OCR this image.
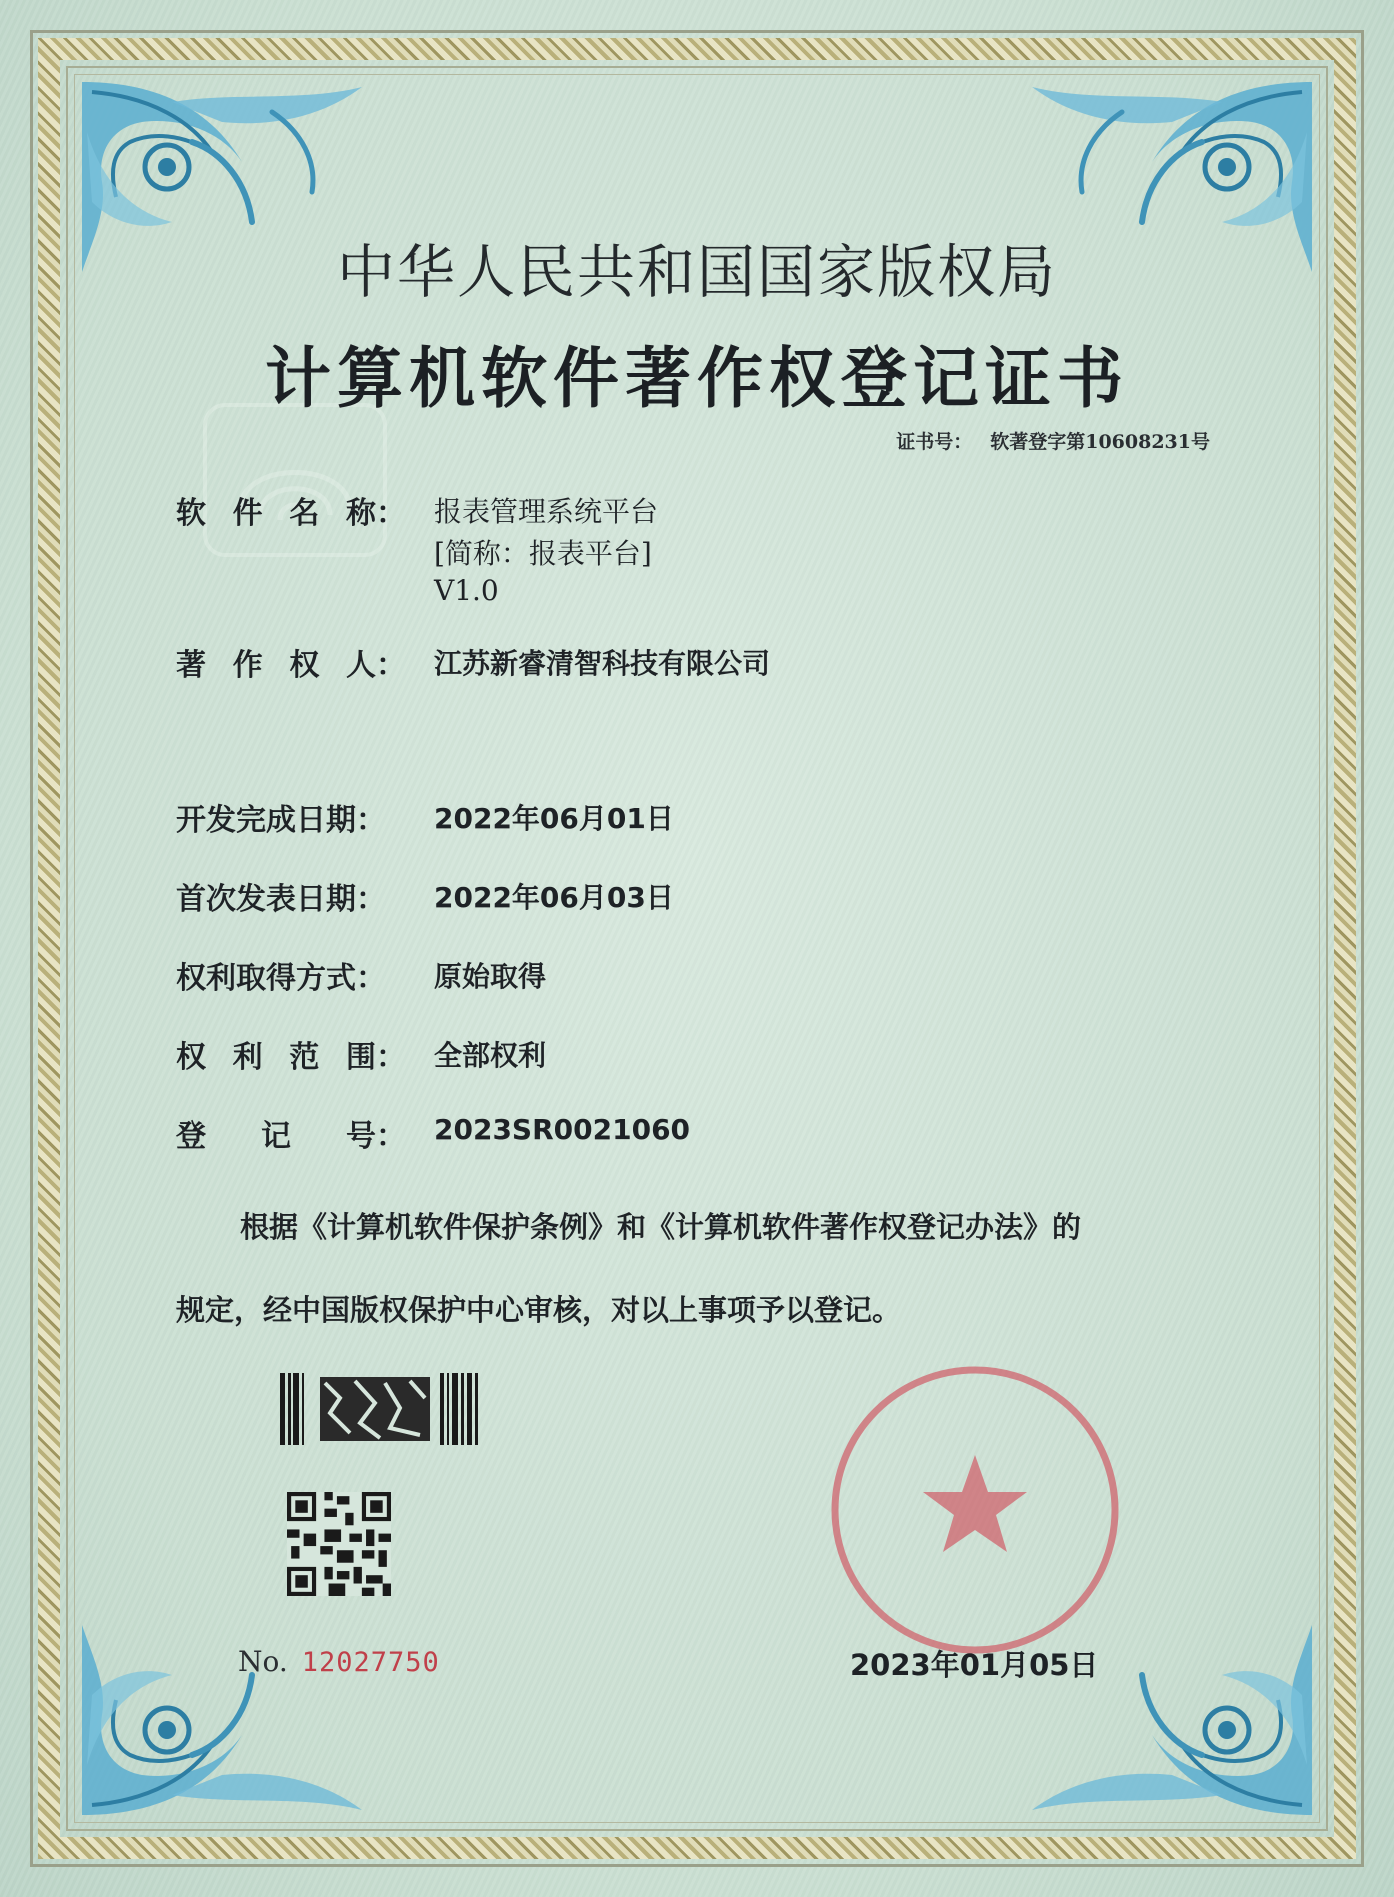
中华人民共和国国家版权局
计算机软件著作权登记证书
证书号： 软著登字第10608231号
软 件 名 称： 报表管理系统平台
[简称：报表平台]
V1.0
著 作 权 人： 江苏新睿清智科技有限公司
开发完成日期： 2022年06月01日
首次发表日期： 2022年06月03日
权利取得方式： 原始取得
权 利 范 围： 全部权利
登 记 号： 2023SR0021060
根据《计算机软件保护条例》和《计算机软件著作权登记办法》的
规定，经中国版权保护中心审核，对以上事项予以登记。
No. 12027750	2023年01月05日
